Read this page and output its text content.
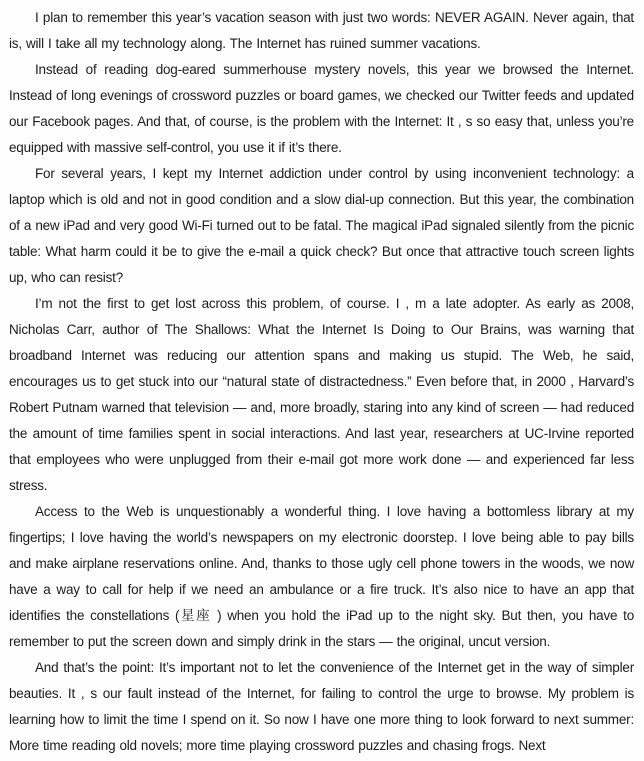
I plan to remember this year’s vacation season with just two words: NEVER AGAIN. Never again, that is, will I take all my technology along. The Internet has ruined summer vacations.

Instead of reading dog-eared summerhouse mystery novels, this year we browsed the Internet. Instead of long evenings of crossword puzzles or board games, we checked our Twitter feeds and updated our Facebook pages. And that, of course, is the problem with the Internet: It , s so easy that, unless you’re equipped with massive self-control, you use it if it’s there.

For several years, I kept my Internet addiction under control by using inconvenient technology: a laptop which is old and not in good condition and a slow dial-up connection. But this year, the combination of a new iPad and very good Wi-Fi turned out to be fatal. The magical iPad signaled silently from the picnic table: What harm could it be to give the e-mail a quick check? But once that attractive touch screen lights up, who can resist?

I’m not the first to get lost across this problem, of course. I , m a late adopter. As early as 2008, Nicholas Carr, author of The Shallows: What the Internet Is Doing to Our Brains, was warning that broadband Internet was reducing our attention spans and making us stupid. The Web, he said, encourages us to get stuck into our “natural state of distractedness.” Even before that, in 2000 , Harvard’s Robert Putnam warned that television — and, more broadly, staring into any kind of screen — had reduced the amount of time families spent in social interactions. And last year, researchers at UC-Irvine reported that employees who were unplugged from their e-mail got more work done — and experienced far less stress.

Access to the Web is unquestionably a wonderful thing. I love having a bottomless library at my fingertips; I love having the world’s newspapers on my electronic doorstep. I love being able to pay bills and make airplane reservations online. And, thanks to those ugly cell phone towers in the woods, we now have a way to call for help if we need an ambulance or a fire truck. It’s also nice to have an app that identifies the constellations (星座 ) when you hold the iPad up to the night sky. But then, you have to remember to put the screen down and simply drink in the stars — the original, uncut version.

And that’s the point: It’s important not to let the convenience of the Internet get in the way of simpler beauties. It , s our fault instead of the Internet, for failing to control the urge to browse. My problem is learning how to limit the time I spend on it. So now I have one more thing to look forward to next summer: More time reading old novels; more time playing crossword puzzles and chasing frogs. Next
